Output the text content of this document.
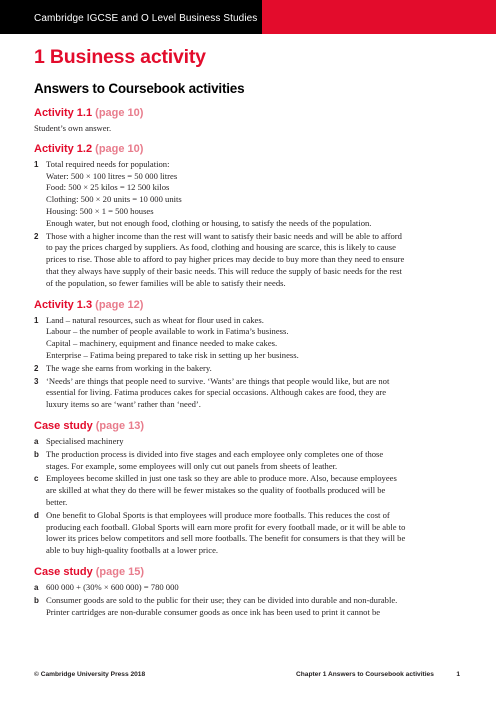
Cambridge IGCSE and O Level Business Studies
1 Business activity
Answers to Coursebook activities
Activity 1.1 (page 10)
Student’s own answer.
Activity 1.2 (page 10)
1 Total required needs for population:
Water: 500 × 100 litres = 50 000 litres
Food: 500 × 25 kilos = 12 500 kilos
Clothing: 500 × 20 units = 10 000 units
Housing: 500 × 1 = 500 houses
Enough water, but not enough food, clothing or housing, to satisfy the needs of the population.
2 Those with a higher income than the rest will want to satisfy their basic needs and will be able to afford
to pay the prices charged by suppliers. As food, clothing and housing are scarce, this is likely to cause
prices to rise. Those able to afford to pay higher prices may decide to buy more than they need to ensure
that they always have supply of their basic needs. This will reduce the supply of basic needs for the rest
of the population, so fewer families will be able to satisfy their needs.
Activity 1.3 (page 12)
1 Land – natural resources, such as wheat for flour used in cakes.
Labour – the number of people available to work in Fatima’s business.
Capital – machinery, equipment and finance needed to make cakes.
Enterprise – Fatima being prepared to take risk in setting up her business.
2 The wage she earns from working in the bakery.
3 ‘Needs’ are things that people need to survive. ‘Wants’ are things that people would like, but are not
essential for living. Fatima produces cakes for special occasions. Although cakes are food, they are
luxury items so are ‘want’ rather than ‘need’.
Case study (page 13)
a Specialised machinery
b The production process is divided into five stages and each employee only completes one of those
stages. For example, some employees will only cut out panels from sheets of leather.
c Employees become skilled in just one task so they are able to produce more. Also, because employees
are skilled at what they do there will be fewer mistakes so the quality of footballs produced will be
better.
d One benefit to Global Sports is that employees will produce more footballs. This reduces the cost of
producing each football. Global Sports will earn more profit for every football made, or it will be able to
lower its prices below competitors and sell more footballs. The benefit for consumers is that they will be
able to buy high-quality footballs at a lower price.
Case study (page 15)
a 600 000 + (30% × 600 000) = 780 000
b Consumer goods are sold to the public for their use; they can be divided into durable and non-durable.
Printer cartridges are non-durable consumer goods as once ink has been used to print it cannot be
© Cambridge University Press 2018	Chapter 1 Answers to Coursebook activities	1
